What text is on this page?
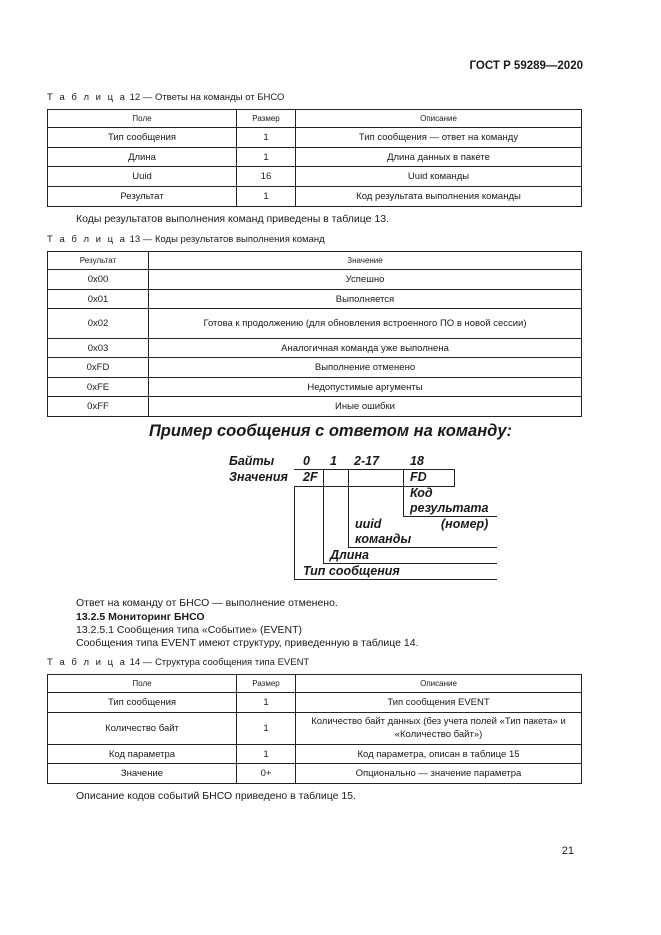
ГОСТ Р 59289—2020
Т а б л и ц а 12 — Ответы на команды от БНСО
Поле	Размер	Описание
Тип сообщения	1	Тип сообщения — ответ на команду
Длина	1	Длина данных в пакете
Uuid	16	Uuid команды
Результат	1	Код результата выполнения команды
Коды результатов выполнения команд приведены в таблице 13.
Т а б л и ц а 13 — Коды результатов выполнения команд
Результат	Значение
0x00	Успешно
0x01	Выполняется
0x02	Готова к продолжению (для обновления встроенного ПО в новой сессии)
0x03	Аналогичная команда уже выполнена
0xFD	Выполнение отменено
0xFE	Недопустимые аргументы
0xFF	Иные ошибки
Пример сообщения с ответом на команду:
Байты 0 1 2-17 18
Значения 2F	FD
Код
результата
uuid	(номер)
команды
Длина
Тип сообщения
Ответ на команду от БНСО — выполнение отменено.
13.2.5 Мониторинг БНСО
13.2.5.1 Сообщения типа «Событие» (EVENT)
Сообщения типа EVENT имеют структуру, приведенную в таблице 14.
Т а б л и ц а 14 — Структура сообщения типа EVENT
Поле	Размер	Описание
Тип сообщения	1	Тип сообщения EVENT
Количество байт	1	Количество байт данных (без учета полей «Тип пакета» и «Количество байт»)
Код параметра	1	Код параметра, описан в таблице 15
Значение	0+	Опционально — значение параметра
Описание кодов событий БНСО приведено в таблице 15.
21
